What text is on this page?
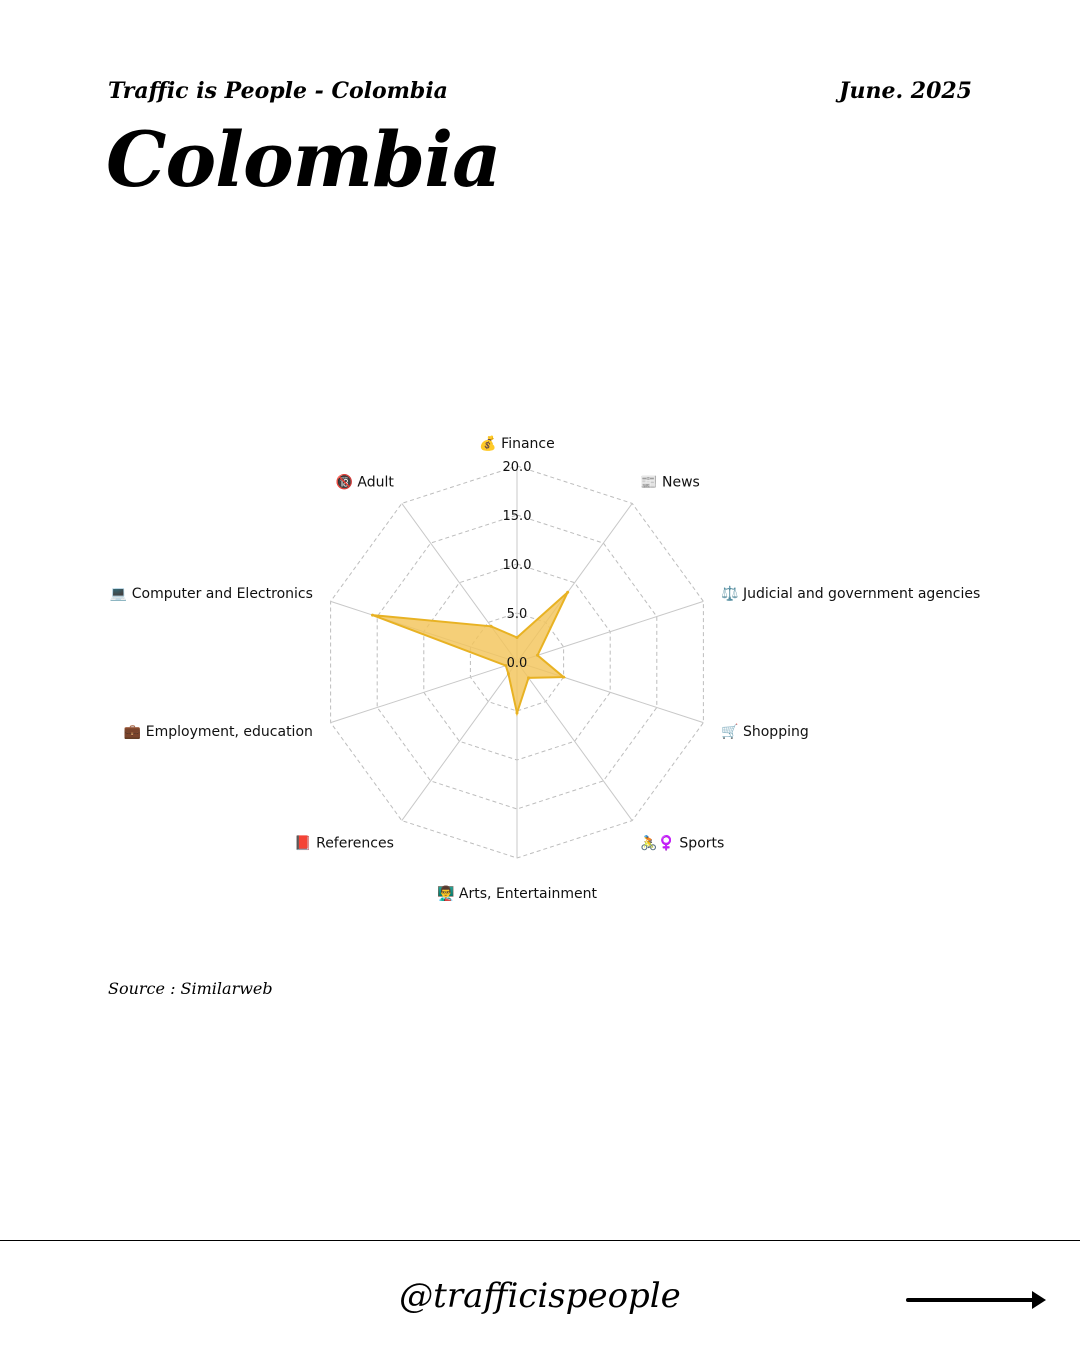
Traffic is People - Colombia	June. 2025
Colombia
0.0
5.0
10.0
15.0
20.0
💰 Finance
📰 News
⚖️ Judicial and government agencies
🛒 Shopping
🚴♀️ Sports
👨‍🏫 Arts, Entertainment
📕 References
💼 Employment, education
💻 Computer and Electronics
🔞 Adult
Source : Similarweb
@trafficispeople
